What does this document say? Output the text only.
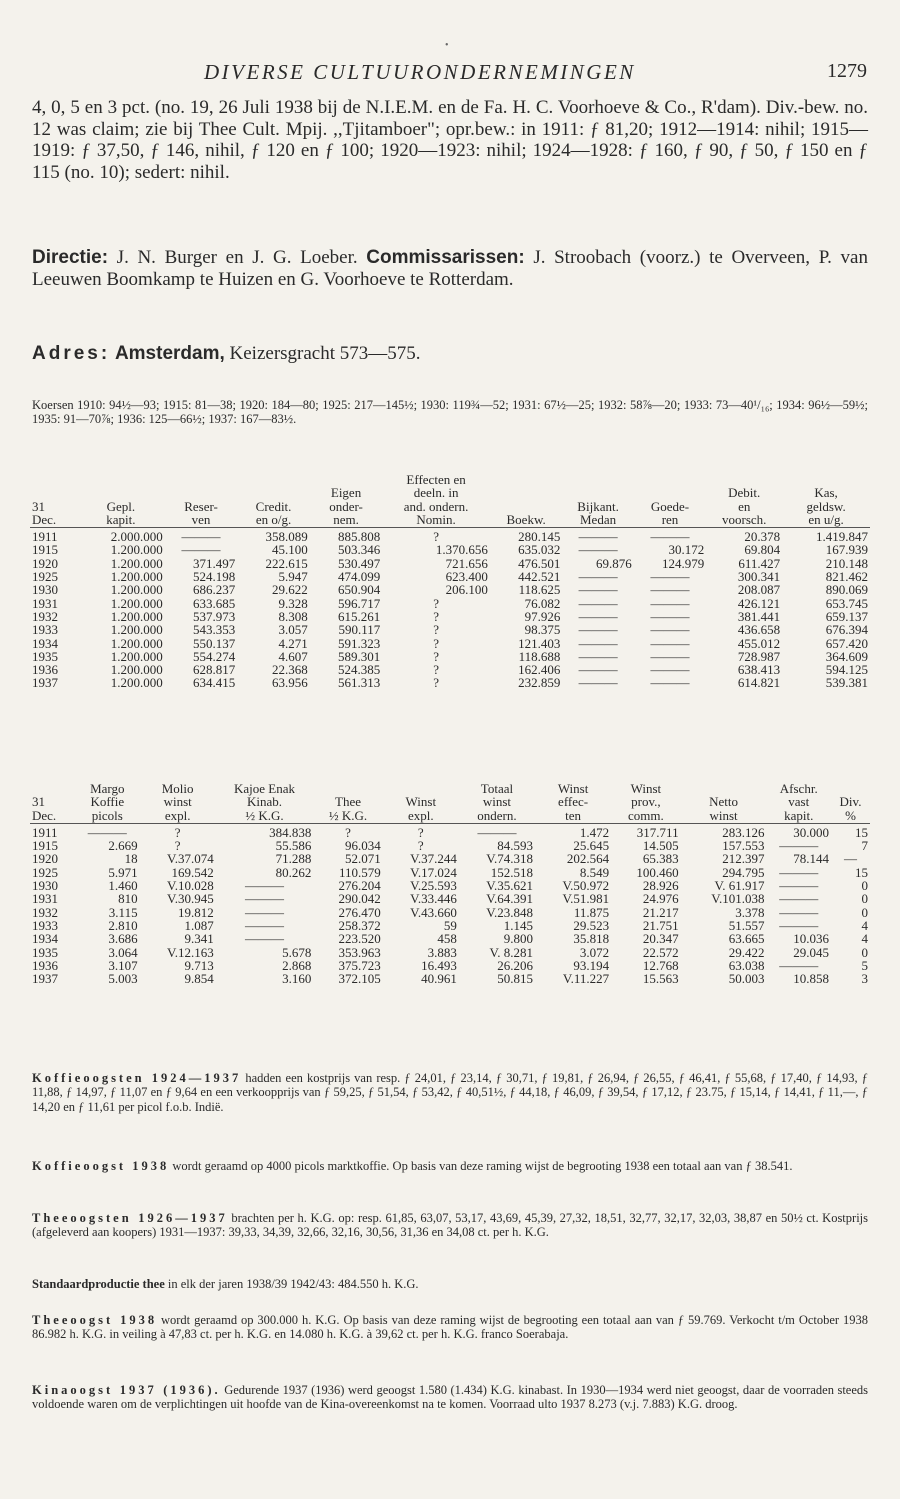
•
DIVERSE CULTUURONDERNEMINGEN	1279
4, 0, 5 en 3 pct. (no. 19, 26 Juli 1938 bij de N.I.E.M. en de Fa. H. C. Voorhoeve & Co., R'dam). Div.-bew. no. 12 was claim; zie bij Thee Cult. Mpij. ,,Tjitamboer"; opr.bew.: in 1911: ƒ 81,20; 1912—1914: nihil; 1915—1919: ƒ 37,50, ƒ 146, nihil, ƒ 120 en ƒ 100; 1920—1923: nihil; 1924—1928: ƒ 160, ƒ 90, ƒ 50, ƒ 150 en ƒ 115 (no. 10); sedert: nihil.
Directie: J. N. Burger en J. G. Loeber. Commissarissen: J. Stroobach (voorz.) te Overveen, P. van Leeuwen Boomkamp te Huizen en G. Voorhoeve te Rotterdam.
Adres: Amsterdam, Keizersgracht 573—575.
Koersen 1910: 94½—93; 1915: 81—38; 1920: 184—80; 1925: 217—145½; 1930: 119¾—52; 1931: 67½—25; 1932: 58⅞—20; 1933: 73—40¹/₁₆; 1934: 96½—59½; 1935: 91—70⅞; 1936: 125—66½; 1937: 167—83½.
					Effecten en					
				Eigen	deeln. in				Debit.	Kas,
31	Gepl.	Reser-	Credit.	onder-	and. ondern.		Bijkant.	Goede-	en	geldsw.
Dec.	kapit.	ven	en o/g.	nem.	Nomin.	Boekw.	Medan	ren	voorsch.	en u/g.
1911	2.000.000	———	358.089	885.808	?	280.145	———	———	20.378	1.419.847
1915	1.200.000	———	45.100	503.346	1.370.656	635.032	———	30.172	69.804	167.939
1920	1.200.000	371.497	222.615	530.497	721.656	476.501	69.876	124.979	611.427	210.148
1925	1.200.000	524.198	5.947	474.099	623.400	442.521	———	———	300.341	821.462
1930	1.200.000	686.237	29.622	650.904	206.100	118.625	———	———	208.087	890.069
1931	1.200.000	633.685	9.328	596.717	?	76.082	———	———	426.121	653.745
1932	1.200.000	537.973	8.308	615.261	?	97.926	———	———	381.441	659.137
1933	1.200.000	543.353	3.057	590.117	?	98.375	———	———	436.658	676.394
1934	1.200.000	550.137	4.271	591.323	?	121.403	———	———	455.012	657.420
1935	1.200.000	554.274	4.607	589.301	?	118.688	———	———	728.987	364.609
1936	1.200.000	628.817	22.368	524.385	?	162.406	———	———	638.413	594.125
1937	1.200.000	634.415	63.956	561.313	?	232.859	———	———	614.821	539.381
	Margo	Molio	Kajoe Enak			Totaal	Winst	Winst		Afschr.	
31	Koffie	winst	Kinab.	Thee	Winst	winst	effec-	prov.,	Netto	vast	Div.
Dec.	picols	expl.	½ K.G.	½ K.G.	expl.	ondern.	ten	comm.	winst	kapit.	%
1911	———	?	384.838	?	?	———	1.472	317.711	283.126	30.000	15
1915	2.669	?	55.586	96.034	?	84.593	25.645	14.505	157.553	———	7
1920	18	V.37.074	71.288	52.071	V.37.244	V.74.318	202.564	65.383	212.397	78.144	—
1925	5.971	169.542	80.262	110.579	V.17.024	152.518	8.549	100.460	294.795	———	15
1930	1.460	V.10.028	———	276.204	V.25.593	V.35.621	V.50.972	28.926	V. 61.917	———	0
1931	810	V.30.945	———	290.042	V.33.446	V.64.391	V.51.981	24.976	V.101.038	———	0
1932	3.115	19.812	———	276.470	V.43.660	V.23.848	11.875	21.217	3.378	———	0
1933	2.810	1.087	———	258.372	59	1.145	29.523	21.751	51.557	———	4
1934	3.686	9.341	———	223.520	458	9.800	35.818	20.347	63.665	10.036	4
1935	3.064	V.12.163	5.678	353.963	3.883	V. 8.281	3.072	22.572	29.422	29.045	0
1936	3.107	9.713	2.868	375.723	16.493	26.206	93.194	12.768	63.038	———	5
1937	5.003	9.854	3.160	372.105	40.961	50.815	V.11.227	15.563	50.003	10.858	3
Koffieoogsten 1924—1937 hadden een kostprijs van resp. ƒ 24,01, ƒ 23,14, ƒ 30,71, ƒ 19,81, ƒ 26,94, ƒ 26,55, ƒ 46,41, ƒ 55,68, ƒ 17,40, ƒ 14,93, ƒ 11,88, ƒ 14,97, ƒ 11,07 en ƒ 9,64 en een verkoopprijs van ƒ 59,25, ƒ 51,54, ƒ 53,42, ƒ 40,51½, ƒ 44,18, ƒ 46,09, ƒ 39,54, ƒ 17,12, ƒ 23.75, ƒ 15,14, ƒ 14,41, ƒ 11,—, ƒ 14,20 en ƒ 11,61 per picol f.o.b. Indië.
Koffieoogst 1938 wordt geraamd op 4000 picols marktkoffie. Op basis van deze raming wijst de begrooting 1938 een totaal aan van ƒ 38.541.
Theeoogsten 1926—1937 brachten per h. K.G. op: resp. 61,85, 63,07, 53,17, 43,69, 45,39, 27,32, 18,51, 32,77, 32,17, 32,03, 38,87 en 50½ ct. Kostprijs (afgeleverd aan koopers) 1931—1937: 39,33, 34,39, 32,66, 32,16, 30,56, 31,36 en 34,08 ct. per h. K.G.
Standaardproductie thee in elk der jaren 1938/39 1942/43: 484.550 h. K.G.
Theeoogst 1938 wordt geraamd op 300.000 h. K.G. Op basis van deze raming wijst de begrooting een totaal aan van ƒ 59.769. Verkocht t/m October 1938 86.982 h. K.G. in veiling à 47,83 ct. per h. K.G. en 14.080 h. K.G. à 39,62 ct. per h. K.G. franco Soerabaja.
Kinaoogst 1937 (1936). Gedurende 1937 (1936) werd geoogst 1.580 (1.434) K.G. kinabast. In 1930—1934 werd niet geoogst, daar de voorraden steeds voldoende waren om de verplichtingen uit hoofde van de Kina-overeenkomst na te komen. Voorraad ulto 1937 8.273 (v.j. 7.883) K.G. droog.
